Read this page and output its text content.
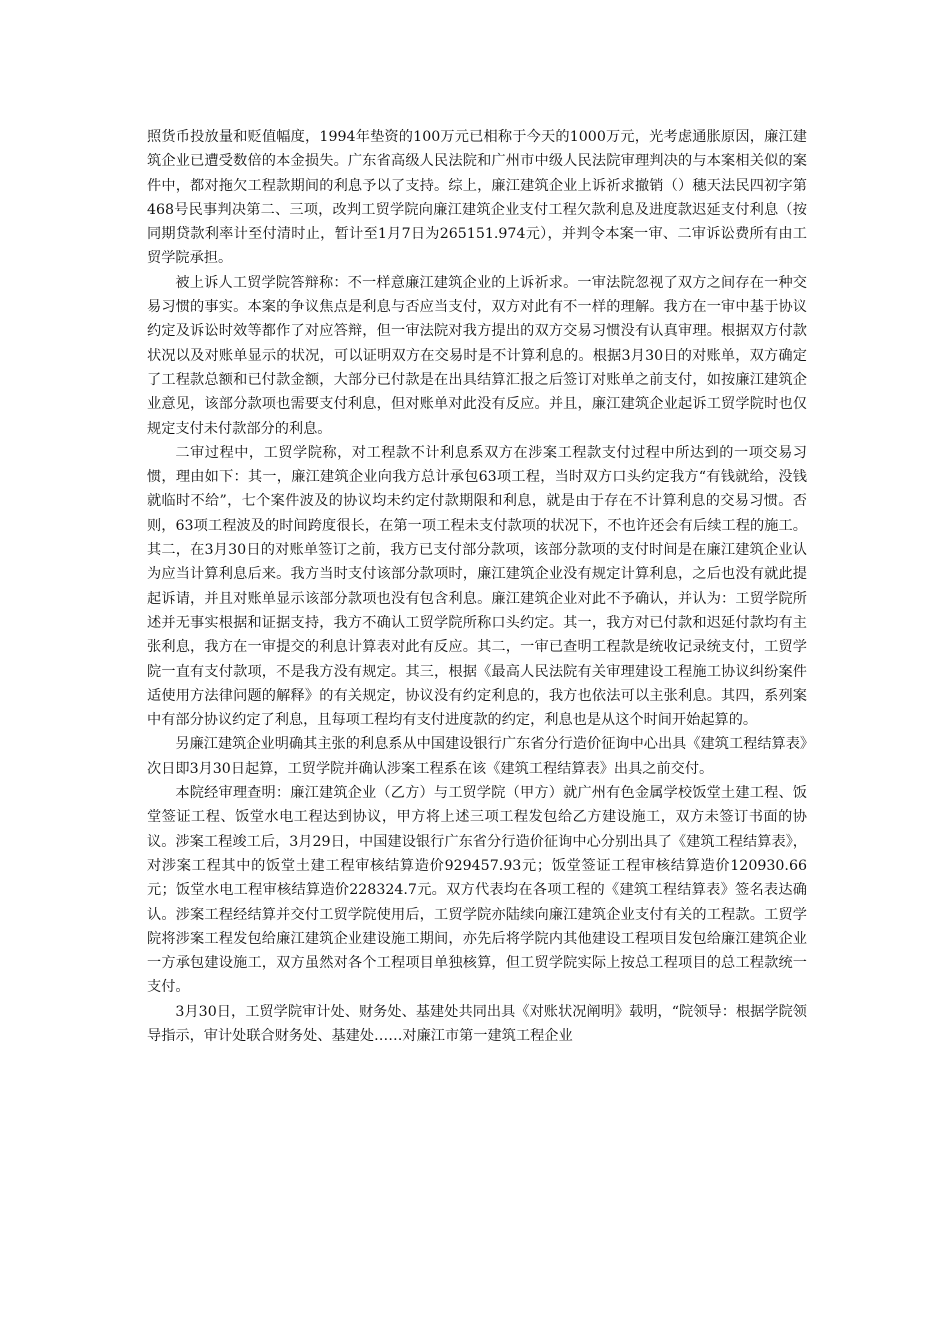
照货币投放量和贬值幅度，1994年垫资的100万元已相称于今天的1000万元，光考虑通胀原因，廉江建筑企业已遭受数倍的本金损失。广东省高级人民法院和广州市中级人民法院审理判决的与本案相关似的案件中，都对拖欠工程款期间的利息予以了支持。综上，廉江建筑企业上诉祈求撤销（）穗天法民四初字第468号民事判决第二、三项，改判工贸学院向廉江建筑企业支付工程欠款利息及进度款迟延支付利息（按同期贷款利率计至付清时止，暂计至1月7日为265151.974元），并判令本案一审、二审诉讼费所有由工贸学院承担。

被上诉人工贸学院答辩称：不一样意廉江建筑企业的上诉祈求。一审法院忽视了双方之间存在一种交易习惯的事实。本案的争议焦点是利息与否应当支付，双方对此有不一样的理解。我方在一审中基于协议约定及诉讼时效等都作了对应答辩，但一审法院对我方提出的双方交易习惯没有认真审理。根据双方付款状况以及对账单显示的状况，可以证明双方在交易时是不计算利息的。根据3月30日的对账单，双方确定了工程款总额和已付款金额，大部分已付款是在出具结算汇报之后签订对账单之前支付，如按廉江建筑企业意见，该部分款项也需要支付利息，但对账单对此没有反应。并且，廉江建筑企业起诉工贸学院时也仅规定支付未付款部分的利息。

二审过程中，工贸学院称，对工程款不计利息系双方在涉案工程款支付过程中所达到的一项交易习惯，理由如下：其一，廉江建筑企业向我方总计承包63项工程，当时双方口头约定我方“有钱就给，没钱就临时不给”，七个案件波及的协议均未约定付款期限和利息，就是由于存在不计算利息的交易习惯。否则，63项工程波及的时间跨度很长，在第一项工程未支付款项的状况下，不也许还会有后续工程的施工。其二，在3月30日的对账单签订之前，我方已支付部分款项，该部分款项的支付时间是在廉江建筑企业认为应当计算利息后来。我方当时支付该部分款项时，廉江建筑企业没有规定计算利息，之后也没有就此提起诉请，并且对账单显示该部分款项也没有包含利息。廉江建筑企业对此不予确认，并认为：工贸学院所述并无事实根据和证据支持，我方不确认工贸学院所称口头约定。其一，我方对已付款和迟延付款均有主张利息，我方在一审提交的利息计算表对此有反应。其二，一审已查明工程款是统收记录统支付，工贸学院一直有支付款项，不是我方没有规定。其三，根据《最高人民法院有关审理建设工程施工协议纠纷案件适使用方法律问题的解释》的有关规定，协议没有约定利息的，我方也依法可以主张利息。其四，系列案中有部分协议约定了利息，且每项工程均有支付进度款的约定，利息也是从这个时间开始起算的。

另廉江建筑企业明确其主张的利息系从中国建设银行广东省分行造价征询中心出具《建筑工程结算表》次日即3月30日起算，工贸学院并确认涉案工程系在该《建筑工程结算表》出具之前交付。

本院经审理查明：廉江建筑企业（乙方）与工贸学院（甲方）就广州有色金属学校饭堂土建工程、饭堂签证工程、饭堂水电工程达到协议，甲方将上述三项工程发包给乙方建设施工，双方未签订书面的协议。涉案工程竣工后，3月29日，中国建设银行广东省分行造价征询中心分别出具了《建筑工程结算表》，对涉案工程其中的饭堂土建工程审核结算造价929457.93元；饭堂签证工程审核结算造价120930.66元；饭堂水电工程审核结算造价228324.7元。双方代表均在各项工程的《建筑工程结算表》签名表达确认。涉案工程经结算并交付工贸学院使用后，工贸学院亦陆续向廉江建筑企业支付有关的工程款。工贸学院将涉案工程发包给廉江建筑企业建设施工期间，亦先后将学院内其他建设工程项目发包给廉江建筑企业一方承包建设施工，双方虽然对各个工程项目单独核算，但工贸学院实际上按总工程项目的总工程款统一支付。

3月30日，工贸学院审计处、财务处、基建处共同出具《对账状况阐明》载明，“院领导：根据学院领导指示，审计处联合财务处、基建处……对廉江市第一建筑工程企业
